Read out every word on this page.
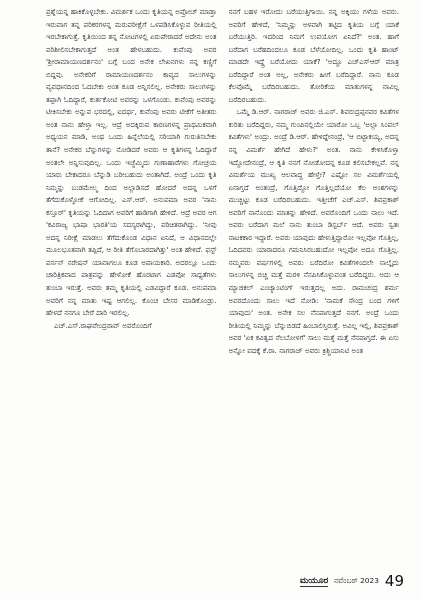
ಪ್ರಶ್ನೆಯನ್ನ ಹಾಕಿಕೊಳ್ಳಬೇಕು. ವಿಮರ್ಶಕ ಒಂದು ಕೃತಿಯನ್ನ ಅಪ್ರೋಚ್ ಮಾಡ್ತಾ ಇರುವಾಗ ತನ್ನ ಪರಿಕರಗಳನ್ನ ಮರುಪರೀಕ್ಷೆಗೆ ಒಳಪಡಿಸಿಕೊಳ್ಳುವ ರೀತಿಯಲ್ಲಿ ಇರಬೇಕಾಗುತ್ತೆ. ಕೃತಿಯಿಂದ ತನ್ನ ನೋಟಗಳಲ್ಲಿ ಏರುಪೇರಾದರೆ ಅದೇನು ಅಂತ ಪರಿಶೀಲಿಸಬೇಕಾಗುತ್ತದೆ ಅಂತ ಹೇಳಬಹುದು. ಕುವೆಂಪು ಅವರ 'ಶ್ರೀರಾಮಾಯಣದರ್ಶನಂ' ಬಗ್ಗೆ ಬಂದ ಅನೇಕ ಲೇಖನಗಳು ನನ್ನ ಕಣ್ಣಿಗೆ ಬಿದ್ದವು. ಅನೇಕರಿಗೆ ರಾಮಾಯಣದರ್ಶನಂ ಕಾವ್ಯದ ಸಾಲುಗಳನ್ನು ವ್ಯವಧಾನದಿಂದ ಓದಬೇಕು ಅಂತ ಕೂಡ ಅನ್ನಿಸಲಿಲ್ಲ. ಅನೇಕರು ಸಾಲುಗಳನ್ನು ತಪ್ಪಾಗಿ ಓದಿದ್ದಾರೆ, ಕುರ್ತಕೋಟಿ ಅವರನ್ನು ಒಳಗೊಂಡು. ಕುವೆಂಪು ಅವರನ್ನು ಟೀಕಿಸಬೇಕು ಅನ್ನುವ ಭರದಲ್ಲಿ, ಐದರ್ಥ, ಕುವೆಂಪು ಅವರು ಟೀಕೆಗೆ ಅತೀತರು ಅಂತ ನಾನು ಹೇಳ್ತಾ ಇಲ್ಲ. ಆದ್ರೆ ಅದಕ್ಕಿರುವ ಕಾರಣಗಳನ್ನ ಪ್ರಾಥಮಿಕವಾಗಿ ಅಧ್ಯಯನ ಮಾಡಿ, ಅಂಥ ಒಂದು ಹಿನ್ನೆಲೆಯಲ್ಲಿ ಸರಿಯಾಗಿ ಗುರುತಿಸಬೇಕು ತಾನೆ? ಅನೇಕರ ಬೆನ್ನುಗಳನ್ನು ನೋಡಿದರೆ ಅವರು ಆ ಕೃತಿಗಳನ್ನ ಓದಿದ್ದಾರೆ ಅಂತಲೇ ಅನ್ನಿಸುವುದಿಲ್ಲ. ಒಂದು ಇಜ್ಜೆಮ್ಮಿದು ಗುಣಾಹಾರೆಗಳು ಗೋಚ್ರಯ ಯಾರು ಬೇಕಾದರೂ ಬೆನ್ನುಡಿ ಬರೀಬಹುದು ಅಂತಾಗಿದೆ. ಅಂದ್ರೆ ಒಂದು ಕೃತಿ ನಿಮ್ಮನ್ನು ಬುಡಮೇಲ್ಮ ದಿಂದ ಅಲ್ಲಾಡಿಸದೆ ಹೋದರೆ ಅದನ್ನ ಒಳಗೆ ತೆಗೆದುಕೊಳ್ಳೋಕೆ ಆಗೋದಿಲ್ಲ. ಎಸ್.ಆರ್. ಅನುಪಮಾ ಅವರ 'ನಾನು ಕಸ್ತೂರ್' ಕೃತಿಯನ್ನು ಓದಿದಾಗ ಅವರಿಗೆ ಹಾಡಿಗಾಗಿ ಹೇಳಿದೆ. ಆದ್ರೆ ಅವರ ಆಗ 'ಕವಿರಾಜ್ಯ ಭಾಷಾ ಭಾರತಿ'ಯ ಸದಸ್ಯರಾಗಿದ್ದು, ಪರಿಚಿತರಾಗಿದ್ದು. 'ನೀವು ಅದನ್ನ ನಿರೀಕ್ಷೆ ಮಾಡಲು ತೆಗೆದುಕೊಂಡ ವಿಧಾನ ಏನಿದೆ, ಆ ವಿಧಾನದಲ್ಲೇ ಮೂಲಭೂತವಾಗಿ ತಪ್ಪಿದೆ, ಆ ರೀತಿ ತೆಗೊಬಾರದಾಗಿತ್ತು' ಅಂತ ಹೇಳಿದೆ. ಫಸ್ಟ್ ಪರ್ಸನ್ ನರೇಷನ್ ಯಾವಾಗಲೂ ಕೂಡ ಅಪಾಯಕಾರಿ. ಅದರಲ್ಲೂ ಒಂದು ಚಾರಿತ್ರಿಕವಾದ ಪಾತ್ರವನ್ನು ಹೇಳೋಕೆ ಹೊರಟಾಗ ಎಡವೋ ಸಾಧ್ಯತೆಗಳು ತುಂಬಾ ಇರುತ್ತೆ. ಅವರು ತಮ್ಮ ಕೃತಿಯಲ್ಲಿ ಎಡವಿದ್ದಾರೆ ಕೂಡ. ಅನುಪಮಾ ಅವರಿಗೆ ನನ್ನ ಮಾತು ಇಷ್ಟ ಆಗಲಿಲ್ಲ. ಕೊಂಚ ಬೇಸರ ಮಾಡಿಕೊಂಡ್ರು. ಹೇಳದೆ ನನಗೂ ಬೇರೆ ದಾರಿ ಇರಲಿಲ್ಲ.

ಎಚ್.ಎಸ್.ರಾಘವೇಂದ್ರರಾವ್ ಅವರೊಂದಿಗೆ

ನನಗೆ ಬಹಳ ಇರೋದು ಬರೆಯುತ್ತಿಗಾಯಿ. ನನ್ನ ಅಕ್ಕಿಯು ಗಳೆಯ ಅವರು. ಅವರಿಗೆ ಹೇಳಿದೆ, 'ನಿಮ್ಮನ್ನು ಅಳವಾಗಿ ತಟ್ಟಿದ ಕೃತಿಯ ಬಗ್ಗೆ ಯಾಕೆ ಬರೆಯುತ್ತಿರಿ. ಇದರಿಂದ ನಿಮಗೆ ಉಪಯೋಗ ಏನಿದೆ?' ಅಂತ. ಹಾಗೆ ಬರೆದಾಗ ಬರೆಹದಿಂದಲೂ ಕೂಡ ಬೆಳೆಯೋದಿಲ್ಲ. ಒಂದು ಕೃತಿ ಹಾಂಟ್ ಮಾಡದೇ ಇದ್ದ್ರೆ ಬರೆಯೋದು ಯಾಕೆ? 'ಅದ್ದೂ ಎಚ್‌ಎಸ್‌ಆರ್ ಮಾತ್ರ ಬರೆದಿದ್ದಾರೆ ಅಂತ ಅಲ್ಲ, ಅನೇಕರು ಹೀಗೆ ಬರೆದಿದ್ದಾರೆ. ನಾನು ಕೂಡ ಕೆಲವೊಮ್ಮೆ ಬರೆದಿರಬಹುದು. ತೋರಿಕೆಯ ಮಾತುಗಳನ್ನ ನಾವಿಲ್ಲ ಬರೆದಿರಬಹುದು.

ಒಮ್ಮೆ ಡಿ.ಆರ್. ನಾಗರಾಜ್ ಅವರು ಜಿ.ಎಸ್. ಶಿವರುದ್ರಪ್ಪನವರ ಕವಿತೆಗಳ ಕುರಿತು ಬರೆದಿದ್ದರು, ನಮ್ಮ ಗುಂಪಿನಲ್ಲಿಯೇ ಯಾರೋ ಒಬ್ಬ 'ಅಲ್ಲಾ ಸಿಂಪಲ್ ಕವಿತೆಗಳು' ಅಂದ್ರು. ಅಂದ್ರೆ ಡಿ.ಆರ್. ಹೇಳಿದ್ದೇನಂದ್ರೆ, 'ಆ ಬಿಟ್ಟಾಕಯ್ಯ, ಅದನ್ನ ನನ್ನ ವಿಮರ್ಶೆ ಹೇಗಿದೆ ಹೇಳು?' ಅಂತ. ನಾನು ಕೇಳಿಸಿಕೊಳ್ತಾ ಇದ್ದೋದೇನಂದ್ರೆ, ಆ ಕೃತಿ ನನಗೆ ನೋಡೋದನ್ನ ಕೂಡ ಕಲಿಸಬೇಕಲ್ಲವೆ. ನನ್ನ ವಿಮರ್ಶೆಯ ಮುಖ್ಯ ಆಲವಾದ್ಧ ಹೇಳ್ತೇ? ಎಷ್ಟೋ ಸಲ ವಿಮರ್ಶೆಯಲ್ಲಿ ಏನಾಗ್ತದೆ ಅಂತಂದ್ರೆ, ಗೊತ್ತಿದ್ದೋ ಗೊತ್ತಿಲ್ಲದೆಯೋ ಕೆಲ ಅಂಶಗಳನ್ನು ಮುಚ್ಚಿಟ್ಟು ಕೂಡ ಬರೆದಿರಬಹುದು. ಇತ್ತೀಚೆಗೆ ಎಚ್.ಎಸ್. ಶಿವಪ್ರಕಾಶ್ ಅವರಿಗೆ ನಾನೊಂದು ಮಾತನ್ನು ಹೇಳಿದೆ. ಅವರೊಂದಿಗೆ ಒಂದು ನಾಲು ಇದೆ. ಅವರು ಬರೆದಾಗ ಮಲೆ ನಾನು ತುಂಬಾ ಡಿಸ್ಟರ್ಬ್ ಆದೆ. ಅವರು ಸ್ವತಃ ನಾಟಕಕಾರ ಇದ್ದಾರೆ. ಅವರು ಯಾವುದು ಹೇಳುತ್ತಿದ್ದಾರೋ ಇಲ್ಲವೋ ಗೊತ್ತಿಲ್ಲ, ಓದಿದವರು ಯಾರಾದರೂ ಗಮನಿಸಿರಬಹುದೋ ಇಲ್ಲವೋ ಅದೂ ಗೊತ್ತಿಲ್ಲ. ನಮ್ಮವರು ವರ್ಷಗಳಲ್ಲಿ ಅವರು ಬರೆದಿರೋ ಕವಿತೆಗಳಿಂದಲೇ ನಾಲ್ಕೈದು ಸಾಲುಗಳನ್ನ ಬಿಚ್ಚಿ ಮತ್ತೆ ಮರಳಿ ನೆನಪಿಸಿಕೊಳ್ಳುವಂತ ಬರೆದಿದ್ದರು. ಅದು ಆ ಮ್ಯಾಜಿಕಲ್ ಎಂಚ್ಯಾಂಟಿಂಗ್ ಇರುತ್ತದಲ್ಲ ಅದು. ರಾಮಚಂದ್ರ ಶರ್ಮ ಅವರದೊಂದು ಸಾಲು ಇದೆ ನೋಡಿ: 'ನಾಮಕೆ ಸೌಂದ್ರ ಬಂದ ಗಳಿಗೆ ಯಾವುದು' ಅಂತ. ಅನೇಕ ಸಲ ನೆನಪಾಗುತ್ತದೆ ನನಗೆ. ಅಂದ್ರೆ ಒಂದು ರೀತಿಯಲ್ಲಿ ನಿಮ್ಮನ್ನು ಬೆನ್ನುಬಿಡದೆ ಹಿಂಬಾಲಿಸ್ತಿರುತ್ತೆ. ಅವಿಲ್ಲ ಇಲ್ಲಿ, ಶಿವಪ್ರಕಾಶ್ ಅವರ 'ಏಕ ಕವಿತ್ವದ ನೆಲಬೋಳಗೆ' ಸಾಲು ಮತ್ತೆ ಮತ್ತೆ ನೆನಪಾಗ್ತದೆ. ಈ ಏಸು ಅನ್ನೋ ಪದಕ್ಕೆ ಕೆ.ರಾ. ನಾಗರಾಜ್ ಅವರು ಕ್ರಿಶ್ಚಿಯಾನಿಟಿ ಅಂತ

ಮಯೂರ ನವೆಂಬರ್ 2023 49
